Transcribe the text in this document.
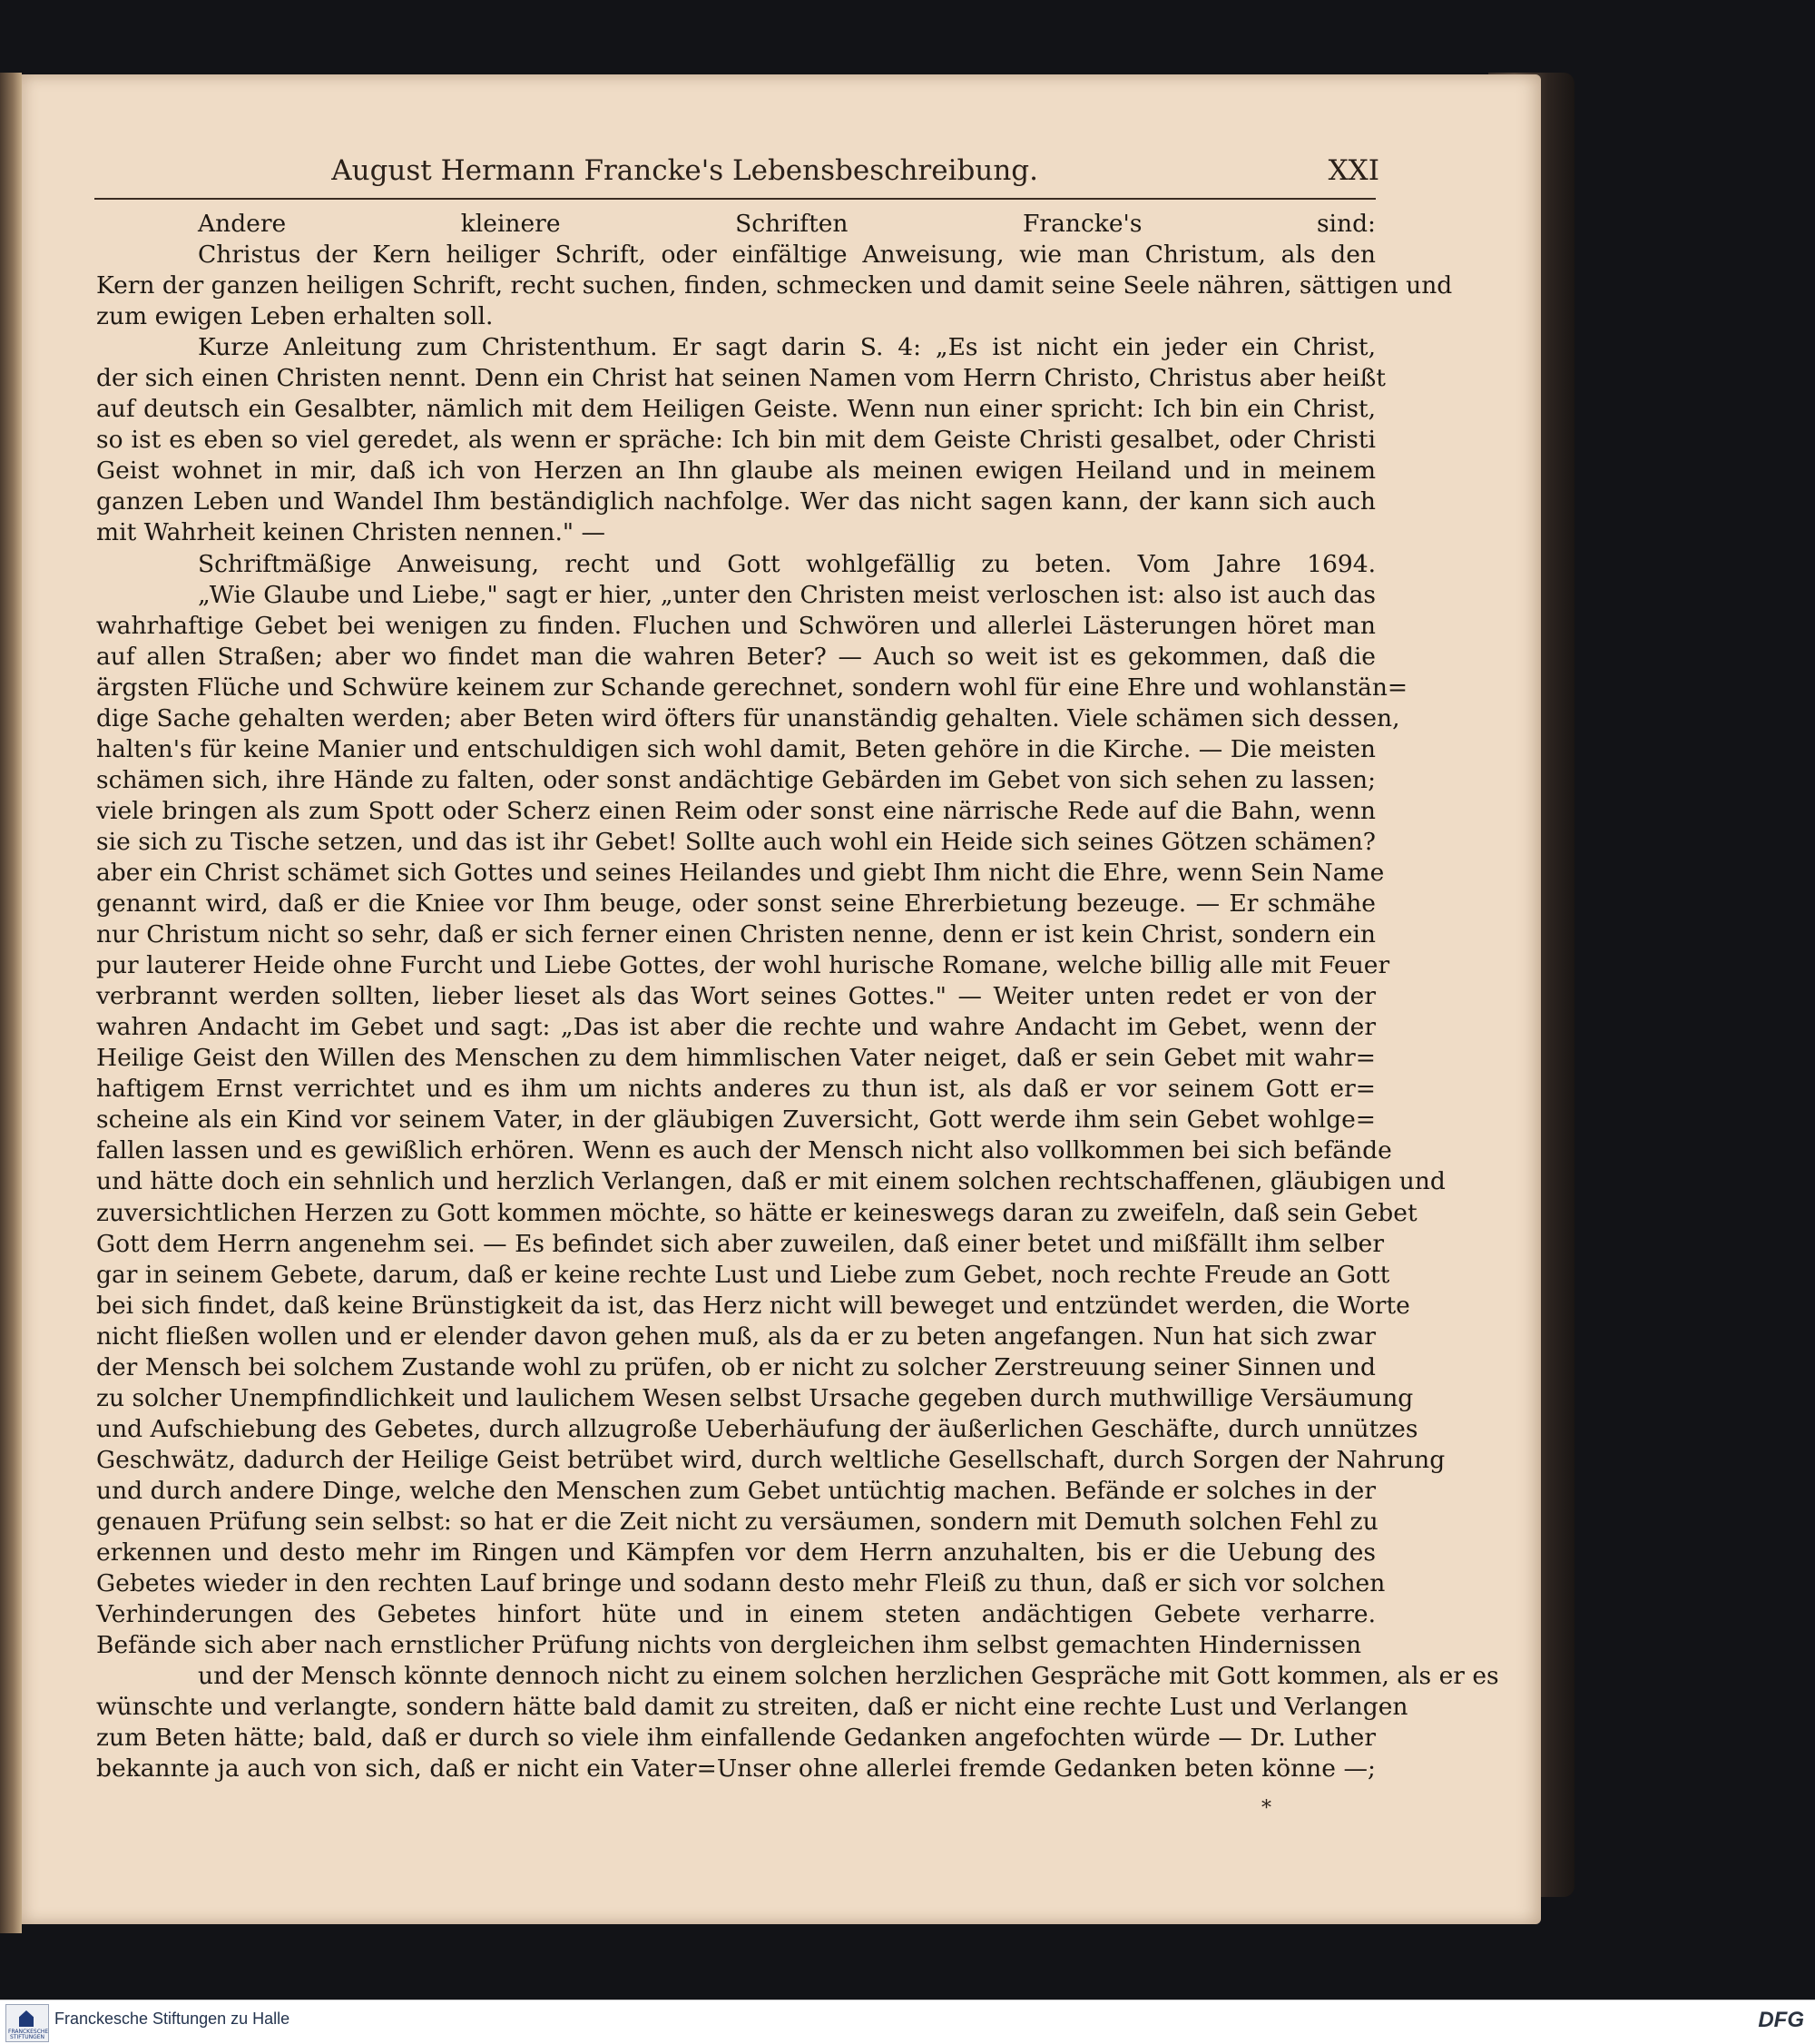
August Hermann Francke's Lebensbeschreibung.	XXI
Andere kleinere Schriften Francke's sind:
Christus der Kern heiliger Schrift, oder einfältige Anweisung, wie man Christum, als den
Kern der ganzen heiligen Schrift, recht suchen, finden, schmecken und damit seine Seele nähren, sättigen und
zum ewigen Leben erhalten soll.
Kurze Anleitung zum Christenthum. Er sagt darin S. 4: „Es ist nicht ein jeder ein Christ,
der sich einen Christen nennt. Denn ein Christ hat seinen Namen vom Herrn Christo, Christus aber heißt
auf deutsch ein Gesalbter, nämlich mit dem Heiligen Geiste. Wenn nun einer spricht: Ich bin ein Christ,
so ist es eben so viel geredet, als wenn er spräche: Ich bin mit dem Geiste Christi gesalbet, oder Christi
Geist wohnet in mir, daß ich von Herzen an Ihn glaube als meinen ewigen Heiland und in meinem
ganzen Leben und Wandel Ihm beständiglich nachfolge. Wer das nicht sagen kann, der kann sich auch
mit Wahrheit keinen Christen nennen." —
Schriftmäßige Anweisung, recht und Gott wohlgefällig zu beten. Vom Jahre 1694.
„Wie Glaube und Liebe," sagt er hier, „unter den Christen meist verloschen ist: also ist auch das
wahrhaftige Gebet bei wenigen zu finden. Fluchen und Schwören und allerlei Lästerungen höret man
auf allen Straßen; aber wo findet man die wahren Beter? — Auch so weit ist es gekommen, daß die
ärgsten Flüche und Schwüre keinem zur Schande gerechnet, sondern wohl für eine Ehre und wohlanstän=
dige Sache gehalten werden; aber Beten wird öfters für unanständig gehalten. Viele schämen sich dessen,
halten's für keine Manier und entschuldigen sich wohl damit, Beten gehöre in die Kirche. — Die meisten
schämen sich, ihre Hände zu falten, oder sonst andächtige Gebärden im Gebet von sich sehen zu lassen;
viele bringen als zum Spott oder Scherz einen Reim oder sonst eine närrische Rede auf die Bahn, wenn
sie sich zu Tische setzen, und das ist ihr Gebet! Sollte auch wohl ein Heide sich seines Götzen schämen?
aber ein Christ schämet sich Gottes und seines Heilandes und giebt Ihm nicht die Ehre, wenn Sein Name
genannt wird, daß er die Kniee vor Ihm beuge, oder sonst seine Ehrerbietung bezeuge. — Er schmähe
nur Christum nicht so sehr, daß er sich ferner einen Christen nenne, denn er ist kein Christ, sondern ein
pur lauterer Heide ohne Furcht und Liebe Gottes, der wohl hurische Romane, welche billig alle mit Feuer
verbrannt werden sollten, lieber lieset als das Wort seines Gottes." — Weiter unten redet er von der
wahren Andacht im Gebet und sagt: „Das ist aber die rechte und wahre Andacht im Gebet, wenn der
Heilige Geist den Willen des Menschen zu dem himmlischen Vater neiget, daß er sein Gebet mit wahr=
haftigem Ernst verrichtet und es ihm um nichts anderes zu thun ist, als daß er vor seinem Gott er=
scheine als ein Kind vor seinem Vater, in der gläubigen Zuversicht, Gott werde ihm sein Gebet wohlge=
fallen lassen und es gewißlich erhören. Wenn es auch der Mensch nicht also vollkommen bei sich befände
und hätte doch ein sehnlich und herzlich Verlangen, daß er mit einem solchen rechtschaffenen, gläubigen und
zuversichtlichen Herzen zu Gott kommen möchte, so hätte er keineswegs daran zu zweifeln, daß sein Gebet
Gott dem Herrn angenehm sei. — Es befindet sich aber zuweilen, daß einer betet und mißfällt ihm selber
gar in seinem Gebete, darum, daß er keine rechte Lust und Liebe zum Gebet, noch rechte Freude an Gott
bei sich findet, daß keine Brünstigkeit da ist, das Herz nicht will beweget und entzündet werden, die Worte
nicht fließen wollen und er elender davon gehen muß, als da er zu beten angefangen. Nun hat sich zwar
der Mensch bei solchem Zustande wohl zu prüfen, ob er nicht zu solcher Zerstreuung seiner Sinnen und
zu solcher Unempfindlichkeit und laulichem Wesen selbst Ursache gegeben durch muthwillige Versäumung
und Aufschiebung des Gebetes, durch allzugroße Ueberhäufung der äußerlichen Geschäfte, durch unnützes
Geschwätz, dadurch der Heilige Geist betrübet wird, durch weltliche Gesellschaft, durch Sorgen der Nahrung
und durch andere Dinge, welche den Menschen zum Gebet untüchtig machen. Befände er solches in der
genauen Prüfung sein selbst: so hat er die Zeit nicht zu versäumen, sondern mit Demuth solchen Fehl zu
erkennen und desto mehr im Ringen und Kämpfen vor dem Herrn anzuhalten, bis er die Uebung des
Gebetes wieder in den rechten Lauf bringe und sodann desto mehr Fleiß zu thun, daß er sich vor solchen
Verhinderungen des Gebetes hinfort hüte und in einem steten andächtigen Gebete verharre.
Befände sich aber nach ernstlicher Prüfung nichts von dergleichen ihm selbst gemachten Hindernissen
und der Mensch könnte dennoch nicht zu einem solchen herzlichen Gespräche mit Gott kommen, als er es
wünschte und verlangte, sondern hätte bald damit zu streiten, daß er nicht eine rechte Lust und Verlangen
zum Beten hätte; bald, daß er durch so viele ihm einfallende Gedanken angefochten würde — Dr. Luther
bekannte ja auch von sich, daß er nicht ein Vater=Unser ohne allerlei fremde Gedanken beten könne —;
*
FRANCKESCHE STIFTUNGEN
Franckesche Stiftungen zu Halle	DFG
